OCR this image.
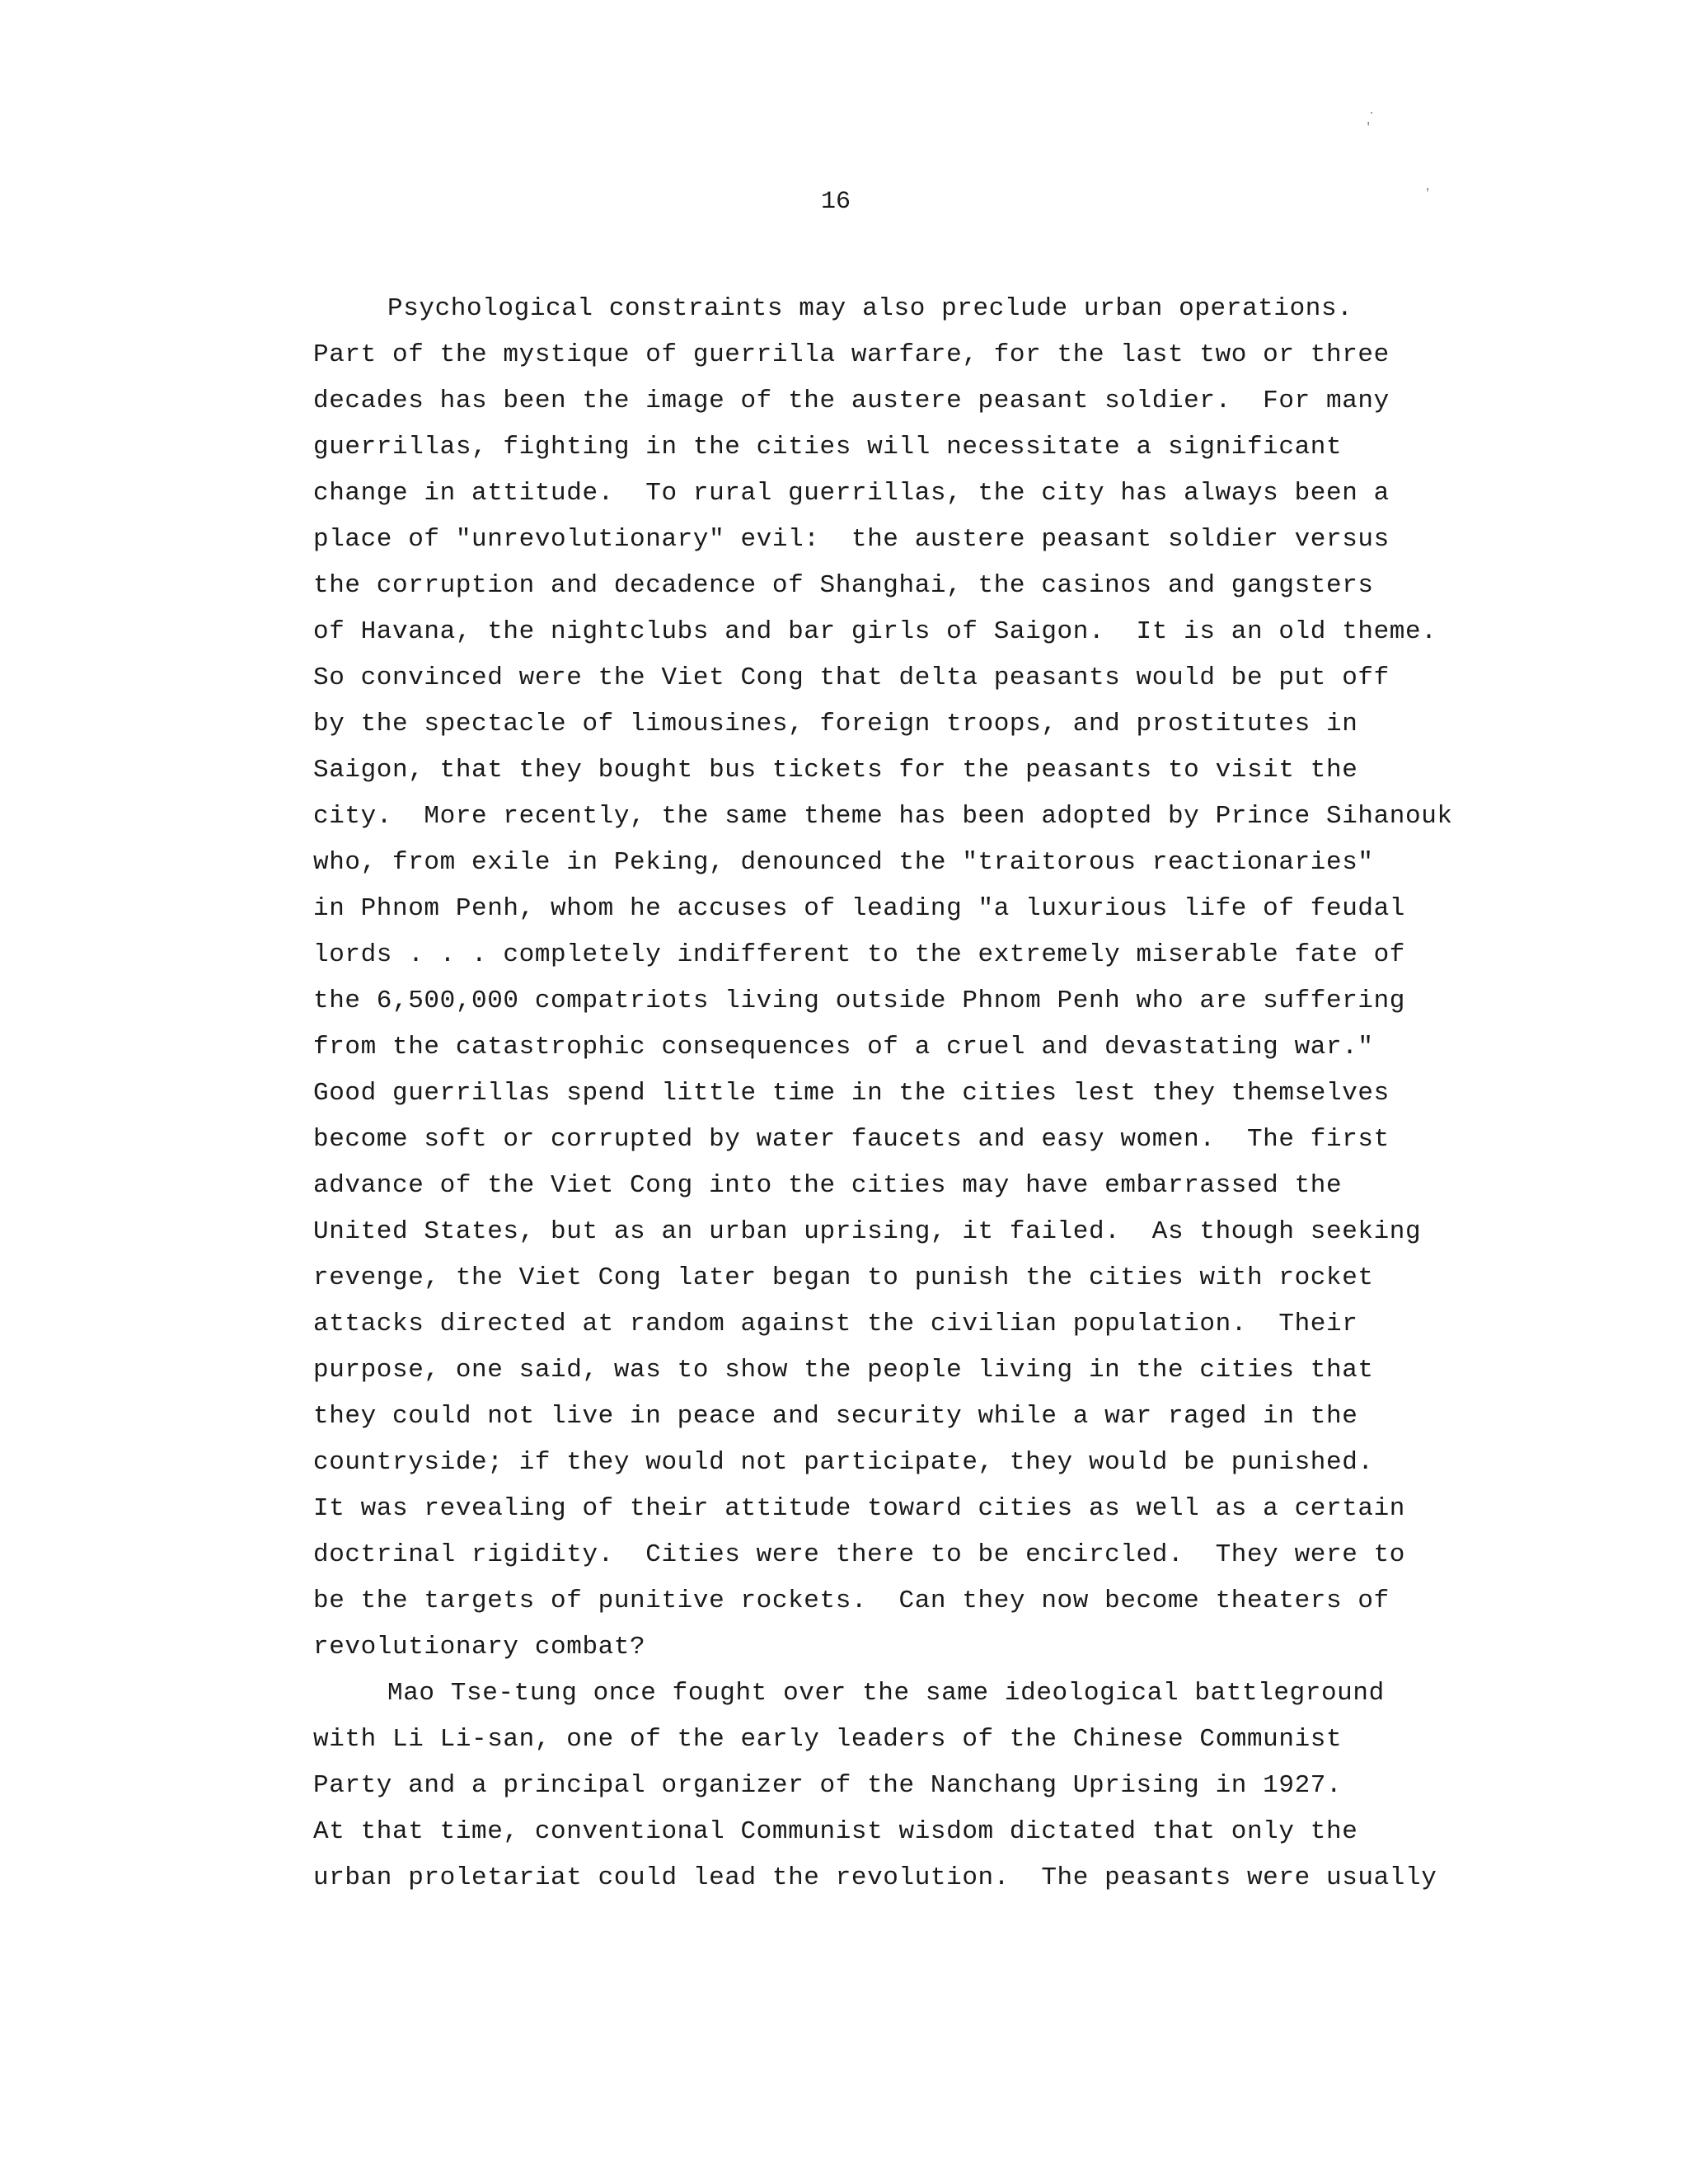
16
‧
′
′
Psychological constraints may also preclude urban operations.
Part of the mystique of guerrilla warfare, for the last two or three
decades has been the image of the austere peasant soldier.  For many
guerrillas, fighting in the cities will necessitate a significant
change in attitude.  To rural guerrillas, the city has always been a
place of "unrevolutionary" evil:  the austere peasant soldier versus
the corruption and decadence of Shanghai, the casinos and gangsters
of Havana, the nightclubs and bar girls of Saigon.  It is an old theme.
So convinced were the Viet Cong that delta peasants would be put off
by the spectacle of limousines, foreign troops, and prostitutes in
Saigon, that they bought bus tickets for the peasants to visit the
city.  More recently, the same theme has been adopted by Prince Sihanouk
who, from exile in Peking, denounced the "traitorous reactionaries"
in Phnom Penh, whom he accuses of leading "a luxurious life of feudal
lords . . . completely indifferent to the extremely miserable fate of
the 6,500,000 compatriots living outside Phnom Penh who are suffering
from the catastrophic consequences of a cruel and devastating war."
Good guerrillas spend little time in the cities lest they themselves
become soft or corrupted by water faucets and easy women.  The first
advance of the Viet Cong into the cities may have embarrassed the
United States, but as an urban uprising, it failed.  As though seeking
revenge, the Viet Cong later began to punish the cities with rocket
attacks directed at random against the civilian population.  Their
purpose, one said, was to show the people living in the cities that
they could not live in peace and security while a war raged in the
countryside; if they would not participate, they would be punished.
It was revealing of their attitude toward cities as well as a certain
doctrinal rigidity.  Cities were there to be encircled.  They were to
be the targets of punitive rockets.  Can they now become theaters of
revolutionary combat?
Mao Tse-tung once fought over the same ideological battleground
with Li Li-san, one of the early leaders of the Chinese Communist
Party and a principal organizer of the Nanchang Uprising in 1927.
At that time, conventional Communist wisdom dictated that only the
urban proletariat could lead the revolution.  The peasants were usually
